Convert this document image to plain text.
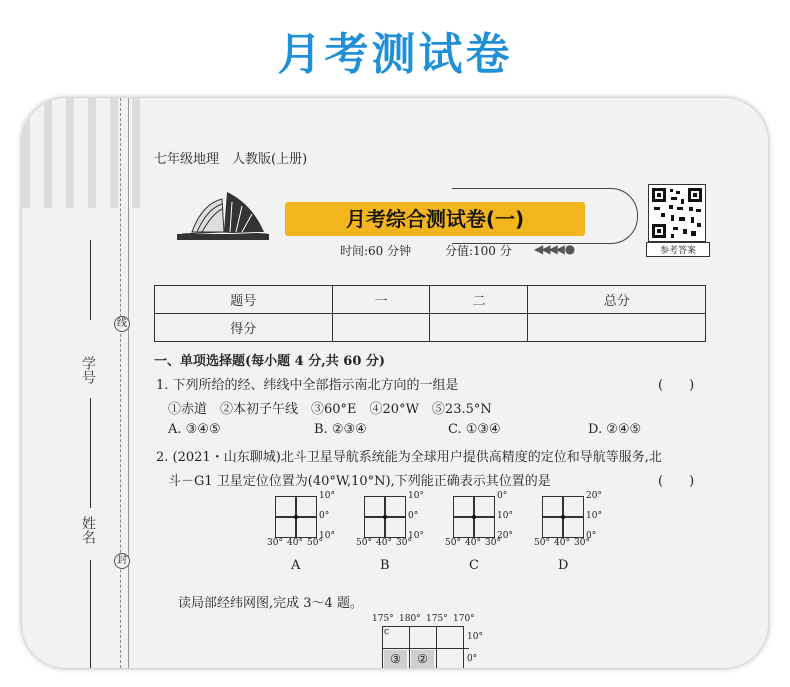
月考测试卷
线
封
学号
姓名
七年级地理　人教版(上册)
月考综合测试卷(一)
时间:60 分钟	分值:100 分	◀◀◀◀ ●	参考答案
题号	一	二	总分
得分			
一、单项选择题(每小题 4 分,共 60 分)
1. 下列所给的经、纬线中全部指示南北方向的一组是	(　　)
①赤道　②本初子午线　③60°E　④20°W　⑤23.5°N
A. ③④⑤	B. ②③④	C. ①③④	D. ②④⑤
2. (2021・山东聊城)北斗卫星导航系统能为全球用户提供高精度的定位和导航等服务,北
斗－G1 卫星定位位置为(40°W,10°N),下列能正确表示其位置的是	(　　)
10°
0°
10°
30° 40° 50°
A
10°
0°
10°
50° 40° 30°
B
0°
10°
20°
50° 40° 30°
C
20°
10°
0°
50° 40° 30°
D
读局部经纬网图,完成 3～4 题。
175° 180° 175° 170°
10°
0°
c
③	②
